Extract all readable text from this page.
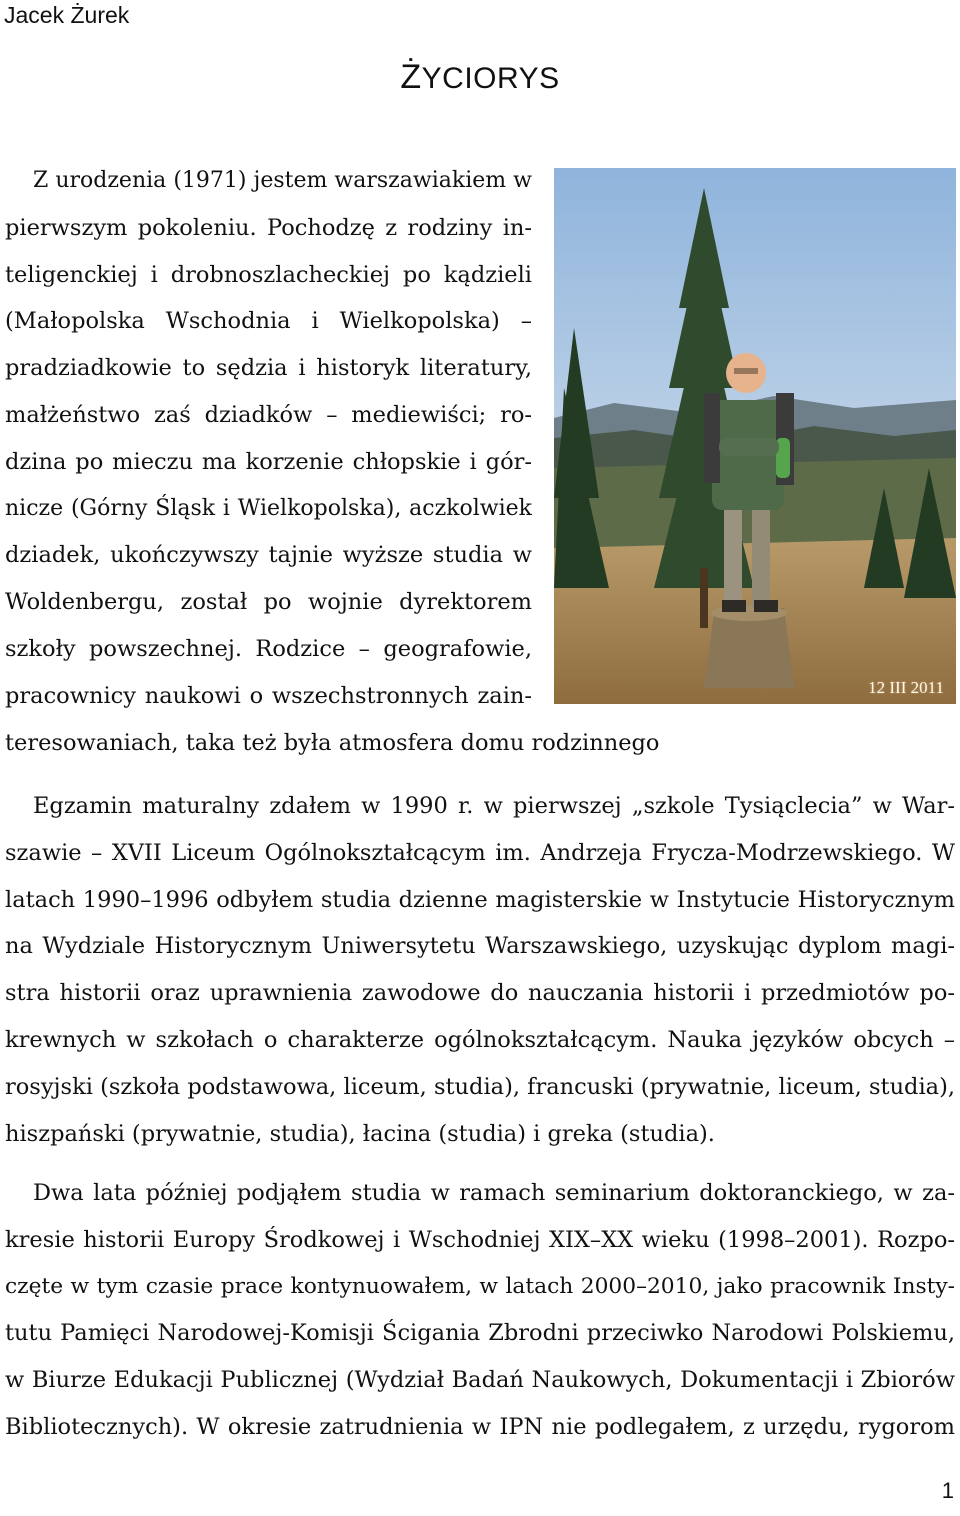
Jacek Żurek
ŻYCIORYS
Z urodzenia (1971) jestem warszawiakiem w
pierwszym pokoleniu. Pochodzę z rodziny in-
teligenckiej i drobnoszlacheckiej po kądzieli
(Małopolska Wschodnia i Wielkopolska) –
pradziadkowie to sędzia i historyk literatury,
małżeństwo zaś dziadków – mediewiści; ro-
dzina po mieczu ma korzenie chłopskie i gór-
nicze (Górny Śląsk i Wielkopolska), aczkolwiek
dziadek, ukończywszy tajnie wyższe studia w
Woldenbergu, został po wojnie dyrektorem
szkoły powszechnej. Rodzice – geografowie,
pracownicy naukowi o wszechstronnych zain-
teresowaniach, taka też była atmosfera domu rodzinnego
12 III 2011
Egzamin maturalny zdałem w 1990 r. w pierwszej „szkole Tysiąclecia” w War-
szawie – XVII Liceum Ogólnokształcącym im. Andrzeja Frycza-Modrzewskiego. W
latach 1990–1996 odbyłem studia dzienne magisterskie w Instytucie Historycznym
na Wydziale Historycznym Uniwersytetu Warszawskiego, uzyskując dyplom magi-
stra historii oraz uprawnienia zawodowe do nauczania historii i przedmiotów po-
krewnych w szkołach o charakterze ogólnokształcącym. Nauka języków obcych –
rosyjski (szkoła podstawowa, liceum, studia), francuski (prywatnie, liceum, studia),
hiszpański (prywatnie, studia), łacina (studia) i greka (studia).
Dwa lata później podjąłem studia w ramach seminarium doktoranckiego, w za-
kresie historii Europy Środkowej i Wschodniej XIX–XX wieku (1998–2001). Rozpo-
częte w tym czasie prace kontynuowałem, w latach 2000–2010, jako pracownik Insty-
tutu Pamięci Narodowej-Komisji Ścigania Zbrodni przeciwko Narodowi Polskiemu,
w Biurze Edukacji Publicznej (Wydział Badań Naukowych, Dokumentacji i Zbiorów
Bibliotecznych). W okresie zatrudnienia w IPN nie podlegałem, z urzędu, rygorom
1
